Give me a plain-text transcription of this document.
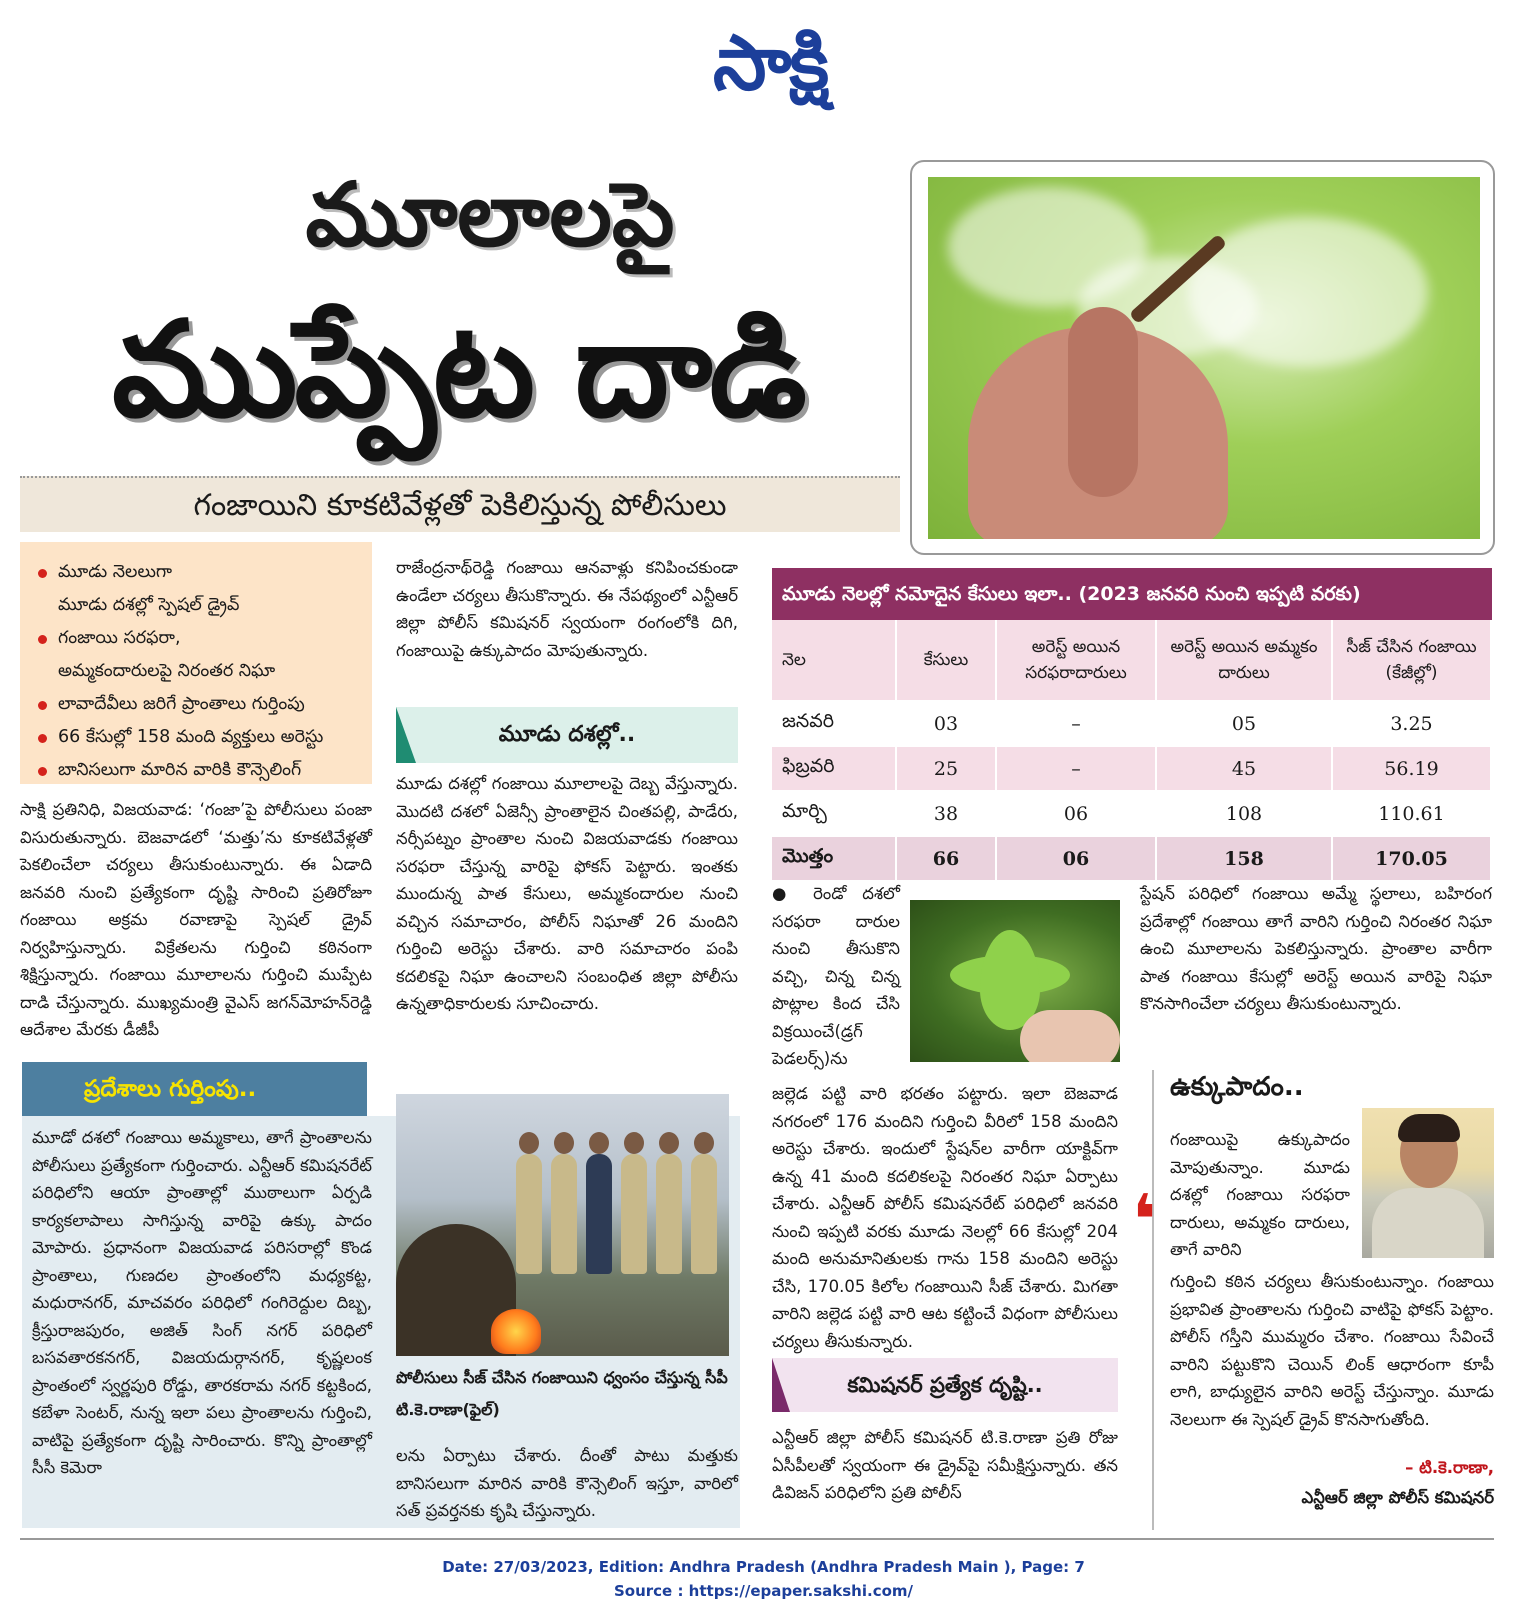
సాక్షి
మూలాలపై
ముప్పేట దాడి
గంజాయిని కూకటివేళ్లతో పెకిలిస్తున్న పోలీసులు
మూడు నెలలుగా
మూడు దశల్లో స్పెషల్‌ డ్రైవ్‌
గంజాయి సరఫరా,
అమ్మకందారులపై నిరంతర నిఘా
లావాదేవీలు జరిగే ప్రాంతాలు గుర్తింపు
66 కేసుల్లో 158 మంది వ్యక్తులు అరెస్టు
బానిసలుగా మారిన వారికి కౌన్సెలింగ్‌
సాక్షి ప్రతినిధి, విజయవాడ: ‘గంజా’పై పోలీసులు పంజా విసురుతున్నారు. బెజవాడలో ‘మత్తు’ను కూకటివేళ్లతో పెకలించేలా చర్యలు తీసుకుంటున్నారు. ఈ ఏడాది జనవరి నుంచి ప్రత్యేకంగా దృష్టి సారించి ప్రతిరోజూ గంజాయి అక్రమ రవాణాపై స్పెషల్‌ డ్రైవ్‌ నిర్వహిస్తున్నారు. విక్రేతలను గుర్తించి కఠినంగా శిక్షిస్తున్నారు. గంజాయి మూలాలను గుర్తించి ముప్పేట దాడి చేస్తున్నారు. ముఖ్యమంత్రి వైఎస్‌ జగన్‌మోహన్‌రెడ్డి ఆదేశాల మేరకు డీజీపీ
రాజేంద్రనాథ్‌రెడ్డి గంజాయి ఆనవాళ్లు కనిపించకుండా ఉండేలా చర్యలు తీసుకొన్నారు. ఈ నేపథ్యంలో ఎన్టీఆర్‌ జిల్లా పోలీస్‌ కమిషనర్‌ స్వయంగా రంగంలోకి దిగి, గంజాయిపై ఉక్కుపాదం మోపుతున్నారు.
మూడు దశల్లో..
మూడు దశల్లో గంజాయి మూలాలపై దెబ్బ వేస్తున్నారు. మొదటి దశలో ఏజెన్సీ ప్రాంతాలైన చింతపల్లి, పాడేరు, నర్సీపట్నం ప్రాంతాల నుంచి విజయవాడకు గంజాయి సరఫరా చేస్తున్న వారిపై ఫోకస్‌ పెట్టారు. ఇంతకు ముందున్న పాత కేసులు, అమ్మకందారుల నుంచి వచ్చిన సమాచారం, పోలీస్‌ నిఘాతో 26 మందిని గుర్తించి అరెస్టు చేశారు. వారి సమాచారం పంపి కదలికపై నిఘా ఉంచాలని సంబంధిత జిల్లా పోలీసు ఉన్నతాధికారులకు సూచించారు.
ప్రదేశాలు గుర్తింపు..
మూడో దశలో గంజాయి అమ్మకాలు, తాగే ప్రాంతాలను పోలీసులు ప్రత్యేకంగా గుర్తించారు. ఎన్టీఆర్‌ కమిషనరేట్‌ పరిధిలోని ఆయా ప్రాంతాల్లో ముఠాలుగా ఏర్పడి కార్యకలాపాలు సాగిస్తున్న వారిపై ఉక్కు పాదం మోపారు. ప్రధానంగా విజయవాడ పరిసరాల్లో కొండ ప్రాంతాలు, గుణదల ప్రాంతంలోని మధ్యకట్ట, మధురానగర్‌, మాచవరం పరిధిలో గంగిరెద్దుల దిబ్బ, క్రీస్తురాజపురం, అజిత్‌ సింగ్‌ నగర్‌ పరిధిలో బసవతారకనగర్‌, విజయదుర్గానగర్‌, కృష్ణలంక ప్రాంతంలో స్వర్ణపురి రోడ్డు, తారకరామ నగర్‌ కట్టకింద, కబేళా సెంటర్‌, నున్న ఇలా పలు ప్రాంతాలను గుర్తించి, వాటిపై ప్రత్యేకంగా దృష్టి సారించారు. కొన్ని ప్రాంతాల్లో సీసీ కెమెరా
పోలీసులు సీజ్‌ చేసిన గంజాయిని ధ్వంసం చేస్తున్న సీపీ టి.కె.రాణా(ఫైల్‌)
లను ఏర్పాటు చేశారు. దీంతో పాటు మత్తుకు బానిసలుగా మారిన వారికి కౌన్సెలింగ్‌ ఇస్తూ, వారిలో సత్‌ ప్రవర్తనకు కృషి చేస్తున్నారు.
మూడు నెలల్లో నమోదైన కేసులు ఇలా.. (2023 జనవరి నుంచి ఇప్పటి వరకు)
నెల	కేసులు	అరెస్ట్‌ అయిన సరఫరాదారులు	అరెస్ట్‌ అయిన అమ్మకం దారులు	సీజ్‌ చేసిన గంజాయి (కేజీల్లో)
జనవరి	03	–	05	3.25
ఫిబ్రవరి	25	–	45	56.19
మార్చి	38	06	108	110.61
మొత్తం	66	06	158	170.05
● రెండో దశలో సరఫరా దారుల నుంచి తీసుకొని వచ్చి, చిన్న చిన్న పొట్లాల కింద చేసి విక్రయించే(డ్రగ్‌ పెడలర్స్‌)ను
జల్లెడ పట్టి వారి భరతం పట్టారు. ఇలా బెజవాడ నగరంలో 176 మందిని గుర్తించి వీరిలో 158 మందిని అరెస్టు చేశారు. ఇందులో స్టేషన్‌ల వారీగా యాక్టివ్‌గా ఉన్న 41 మంది కదలికలపై నిరంతర నిఘా ఏర్పాటు చేశారు. ఎన్టీఆర్‌ పోలీస్‌ కమిషనరేట్‌ పరిధిలో జనవరి నుంచి ఇప్పటి వరకు మూడు నెలల్లో 66 కేసుల్లో 204 మంది అనుమానితులకు గాను 158 మందిని అరెస్టు చేసి, 170.05 కిలోల గంజాయిని సీజ్‌ చేశారు. మిగతా వారిని జల్లెడ పట్టి వారి ఆట కట్టించే విధంగా పోలీసులు చర్యలు తీసుకున్నారు.
కమిషనర్‌ ప్రత్యేక దృష్టి..
ఎన్టీఆర్‌ జిల్లా పోలీస్‌ కమిషనర్‌ టి.కె.రాణా ప్రతి రోజు ఏసీపీలతో స్వయంగా ఈ డ్రైవ్‌పై సమీక్షిస్తున్నారు. తన డివిజన్‌ పరిధిలోని ప్రతి పోలీస్‌
స్టేషన్‌ పరిధిలో గంజాయి అమ్మే స్థలాలు, బహిరంగ ప్రదేశాల్లో గంజాయి తాగే వారిని గుర్తించి నిరంతర నిఘా ఉంచి మూలాలను పెకలిస్తున్నారు. ప్రాంతాల వారీగా పాత గంజాయి కేసుల్లో అరెస్ట్‌ అయిన వారిపై నిఘా కొనసాగించేలా చర్యలు తీసుకుంటున్నారు.
ఉక్కుపాదం..
❛
గంజాయిపై ఉక్కుపాదం మోపుతున్నాం. మూడు దశల్లో గంజాయి సరఫరా దారులు, అమ్మకం దారులు, తాగే వారిని
గుర్తించి కఠిన చర్యలు తీసుకుంటున్నాం. గంజాయి ప్రభావిత ప్రాంతాలను గుర్తించి వాటిపై ఫోకస్‌ పెట్టాం. పోలీస్‌ గస్తీని ముమ్మరం చేశాం. గంజాయి సేవించే వారిని పట్టుకొని చెయిన్‌ లింక్‌ ఆధారంగా కూపీ లాగి, బాధ్యులైన వారిని అరెస్ట్‌ చేస్తున్నాం. మూడు నెలలుగా ఈ స్పెషల్‌ డ్రైవ్‌ కొనసాగుతోంది.
– టి.కె.రాణా,
ఎన్టీఆర్‌ జిల్లా పోలీస్‌ కమిషనర్‌
Date: 27/03/2023, Edition: Andhra Pradesh (Andhra Pradesh Main ), Page: 7
Source : https://epaper.sakshi.com/
